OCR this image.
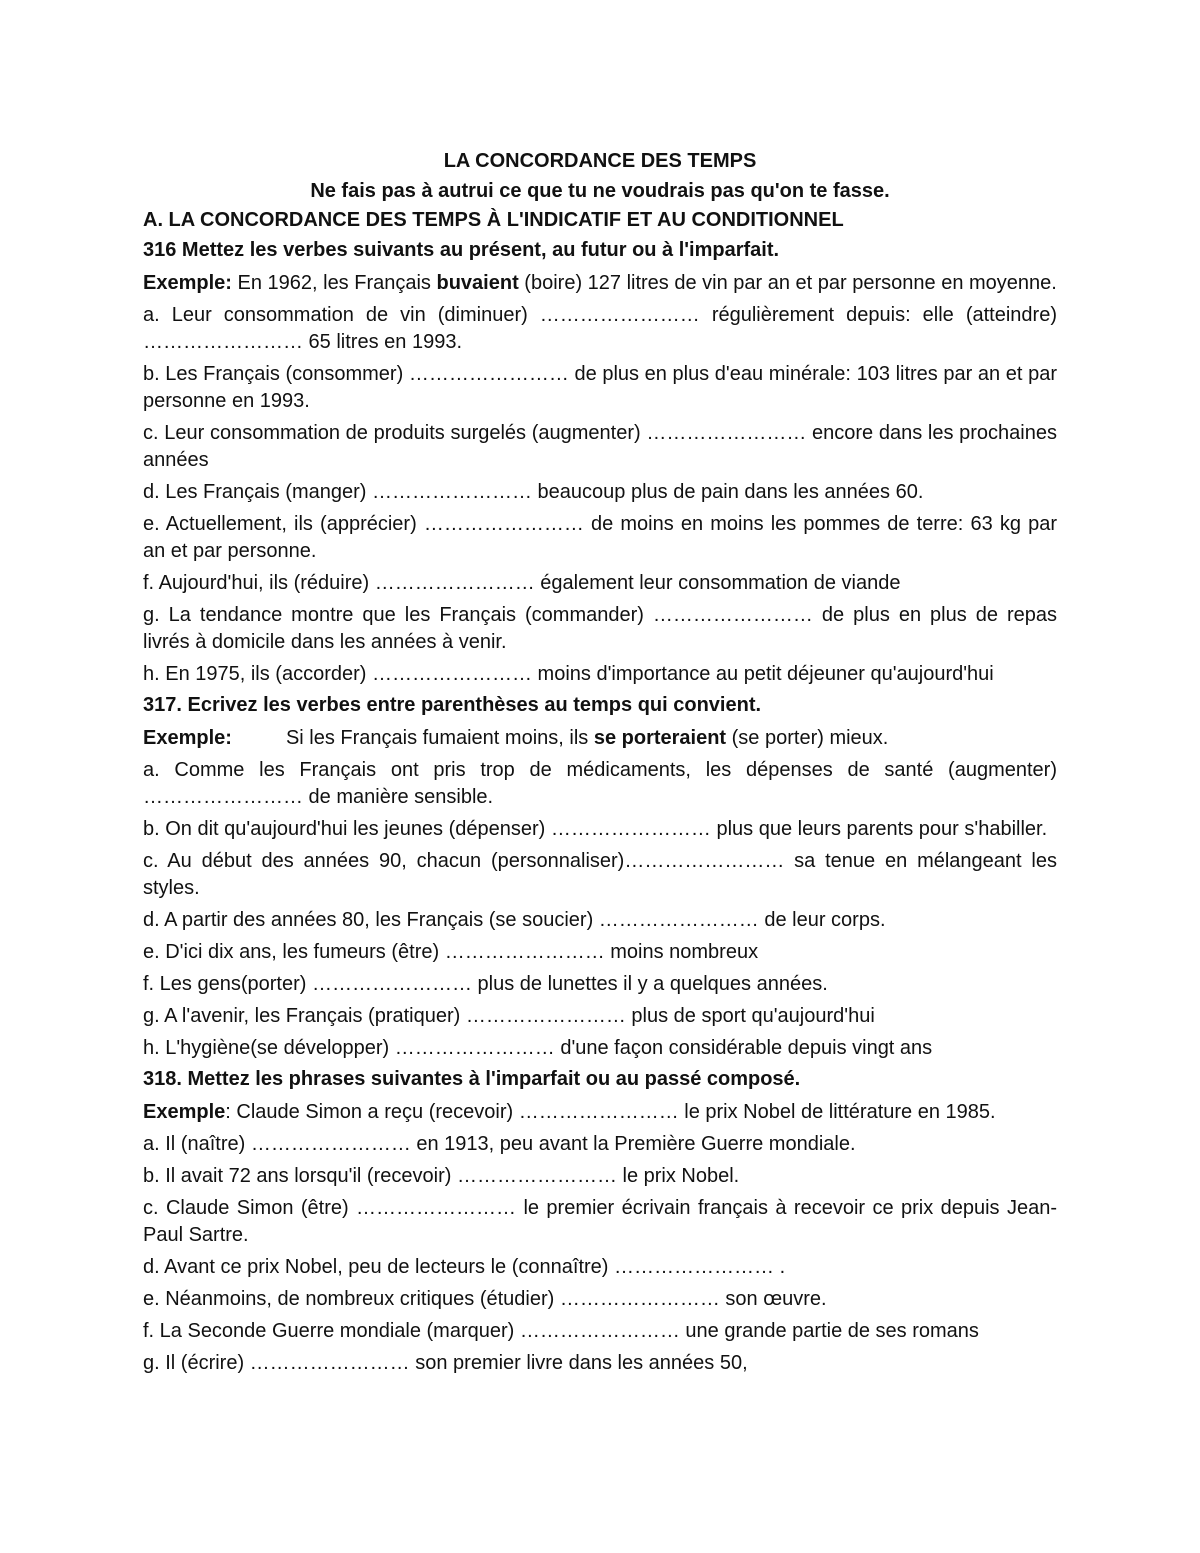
LA CONCORDANCE DES TEMPS
Ne fais pas à autrui ce que tu ne voudrais pas qu'on te fasse.
A. LA CONCORDANCE DES TEMPS À L'INDICATIF ET AU CONDITIONNEL
316 Mettez les verbes suivants au présent, au futur ou à l'imparfait.

Exemple: En 1962, les Français buvaient (boire) 127 litres de vin par an et par personne en moyenne.

a. Leur consommation de vin (diminuer) …………………… régulièrement depuis: elle (atteindre) …………………… 65 litres en 1993.

b. Les Français (consommer) …………………… de plus en plus d'eau minérale: 103 litres par an et par personne en 1993.

c. Leur consommation de produits surgelés (augmenter) …………………… encore dans les prochaines années

d. Les Français (manger) …………………… beaucoup plus de pain dans les années 60.

e. Actuellement, ils (apprécier) …………………… de moins en moins les pommes de terre: 63 kg par an et par personne.

f. Aujourd'hui, ils (réduire) …………………… également leur consommation de viande

g. La tendance montre que les Français (commander) …………………… de plus en plus de repas livrés à domicile dans les années à venir.

h. En 1975, ils (accorder) …………………… moins d'importance au petit déjeuner qu'aujourd'hui

317. Ecrivez les verbes entre parenthèses au temps qui convient.

Exemple:	Si les Français fumaient moins, ils se porteraient (se porter) mieux.

a. Comme les Français ont pris trop de médicaments, les dépenses de santé (augmenter) …………………… de manière sensible.

b. On dit qu'aujourd'hui les jeunes (dépenser) …………………… plus que leurs parents pour s'habiller.

c. Au début des années 90, chacun (personnaliser)…………………… sa tenue en mélangeant les styles.

d. A partir des années 80, les Français (se soucier) …………………… de leur corps.

e. D'ici dix ans, les fumeurs (être) …………………… moins nombreux

f. Les gens(porter) …………………… plus de lunettes il y a quelques années.

g. A l'avenir, les Français (pratiquer) …………………… plus de sport qu'aujourd'hui

h. L'hygiène(se développer) …………………… d'une façon considérable depuis vingt ans

318. Mettez les phrases suivantes à l'imparfait ou au passé composé.

Exemple: Claude Simon a reçu (recevoir) …………………… le prix Nobel de littérature en 1985.

a. Il (naître) …………………… en 1913, peu avant la Première Guerre mondiale.

b. Il avait 72 ans lorsqu'il (recevoir) …………………… le prix Nobel.

c. Claude Simon (être) …………………… le premier écrivain français à recevoir ce prix depuis Jean-Paul Sartre.

d. Avant ce prix Nobel, peu de lecteurs le (connaître) …………………… .

e. Néanmoins, de nombreux critiques (étudier) …………………… son œuvre.

f. La Seconde Guerre mondiale (marquer) …………………… une grande partie de ses romans

g. Il (écrire) …………………… son premier livre dans les années 50,
